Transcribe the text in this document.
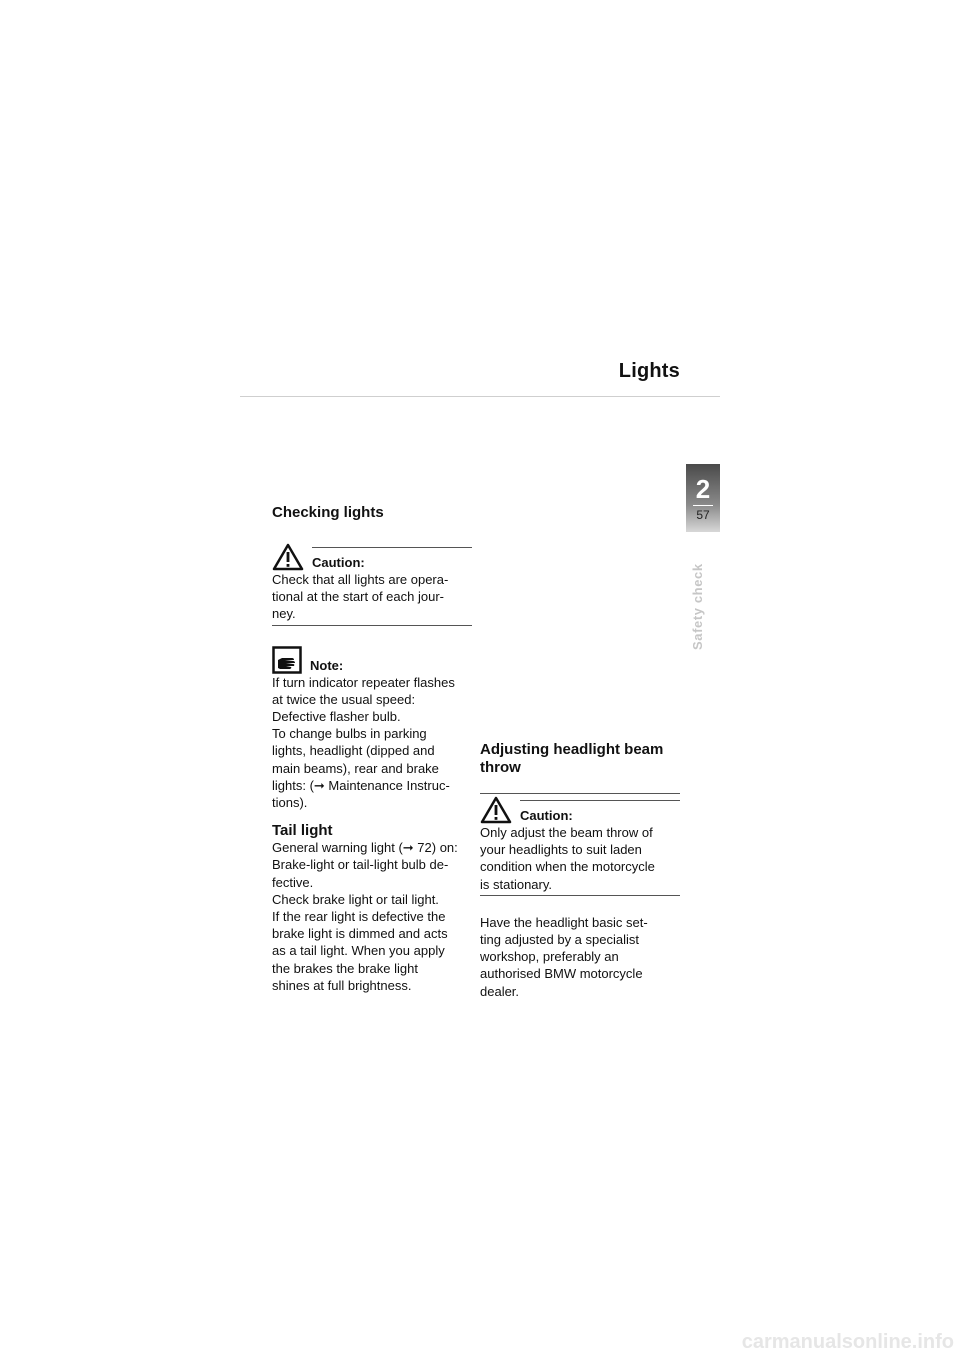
Lights
2
57
Safety check
Checking lights
Caution:

Check that all lights are opera-

tional at the start of each jour-

ney.

Note:

If turn indicator repeater flashes

at twice the usual speed:

Defective flasher bulb.

To change bulbs in parking

lights, headlight (dipped and

main beams), rear and brake

lights: (➞ Maintenance Instruc-

tions).

Tail light

General warning light (➞ 72) on:

Brake-light or tail-light bulb de-

fective.

Check brake light or tail light.

If the rear light is defective the

brake light is dimmed and acts

as a tail light. When you apply

the brakes the brake light

shines at full brightness.

Adjusting headlight beam
throw
Caution:

Only adjust the beam throw of

your headlights to suit laden

condition when the motorcycle

is stationary.

Have the headlight basic set-

ting adjusted by a specialist

workshop, preferably an

authorised BMW motorcycle

dealer.

carmanualsonline.info
